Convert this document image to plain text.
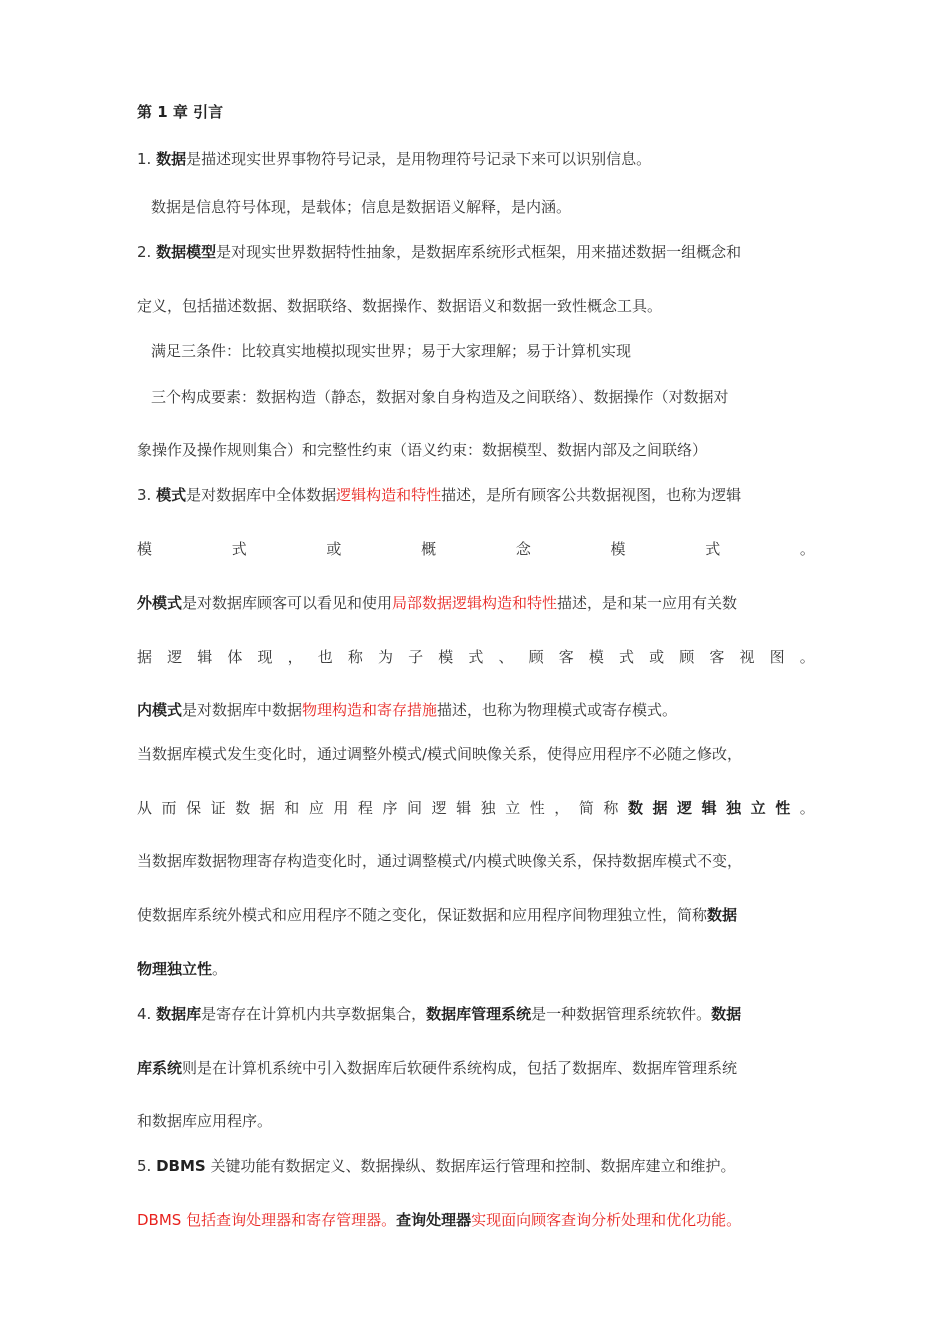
第 1 章 引言
1. 数据是描述现实世界事物符号记录，是用物理符号记录下来可以识别信息。
数据是信息符号体现，是载体；信息是数据语义解释，是内涵。
2. 数据模型是对现实世界数据特性抽象，是数据库系统形式框架，用来描述数据一组概念和
定义，包括描述数据、数据联络、数据操作、数据语义和数据一致性概念工具。
满足三条件：比较真实地模拟现实世界；易于大家理解；易于计算机实现
三个构成要素：数据构造（静态，数据对象自身构造及之间联络）、数据操作（对数据对
象操作及操作规则集合）和完整性约束（语义约束：数据模型、数据内部及之间联络）
3. 模式是对数据库中全体数据逻辑构造和特性描述，是所有顾客公共数据视图，也称为逻辑
模	式	或	概	念	模	式	。
外模式是对数据库顾客可以看见和使用局部数据逻辑构造和特性描述，是和某一应用有关数
据 逻 辑 体 现 ， 也 称 为 子 模 式 、 顾 客 模 式 或 顾 客 视 图 。
内模式是对数据库中数据物理构造和寄存措施描述，也称为物理模式或寄存模式。
当数据库模式发生变化时，通过调整外模式/模式间映像关系，使得应用程序不必随之修改，
从 而 保 证 数 据 和 应 用 程 序 间 逻 辑 独 立 性 ， 简 称 数 据 逻 辑 独 立 性 。
当数据库数据物理寄存构造变化时，通过调整模式/内模式映像关系，保持数据库模式不变，
使数据库系统外模式和应用程序不随之变化，保证数据和应用程序间物理独立性，简称数据
物理独立性。
4. 数据库是寄存在计算机内共享数据集合，数据库管理系统是一种数据管理系统软件。数据
库系统则是在计算机系统中引入数据库后软硬件系统构成，包括了数据库、数据库管理系统
和数据库应用程序。
5. DBMS 关键功能有数据定义、数据操纵、数据库运行管理和控制、数据库建立和维护。
DBMS 包括查询处理器和寄存管理器。查询处理器实现面向顾客查询分析处理和优化功能。
